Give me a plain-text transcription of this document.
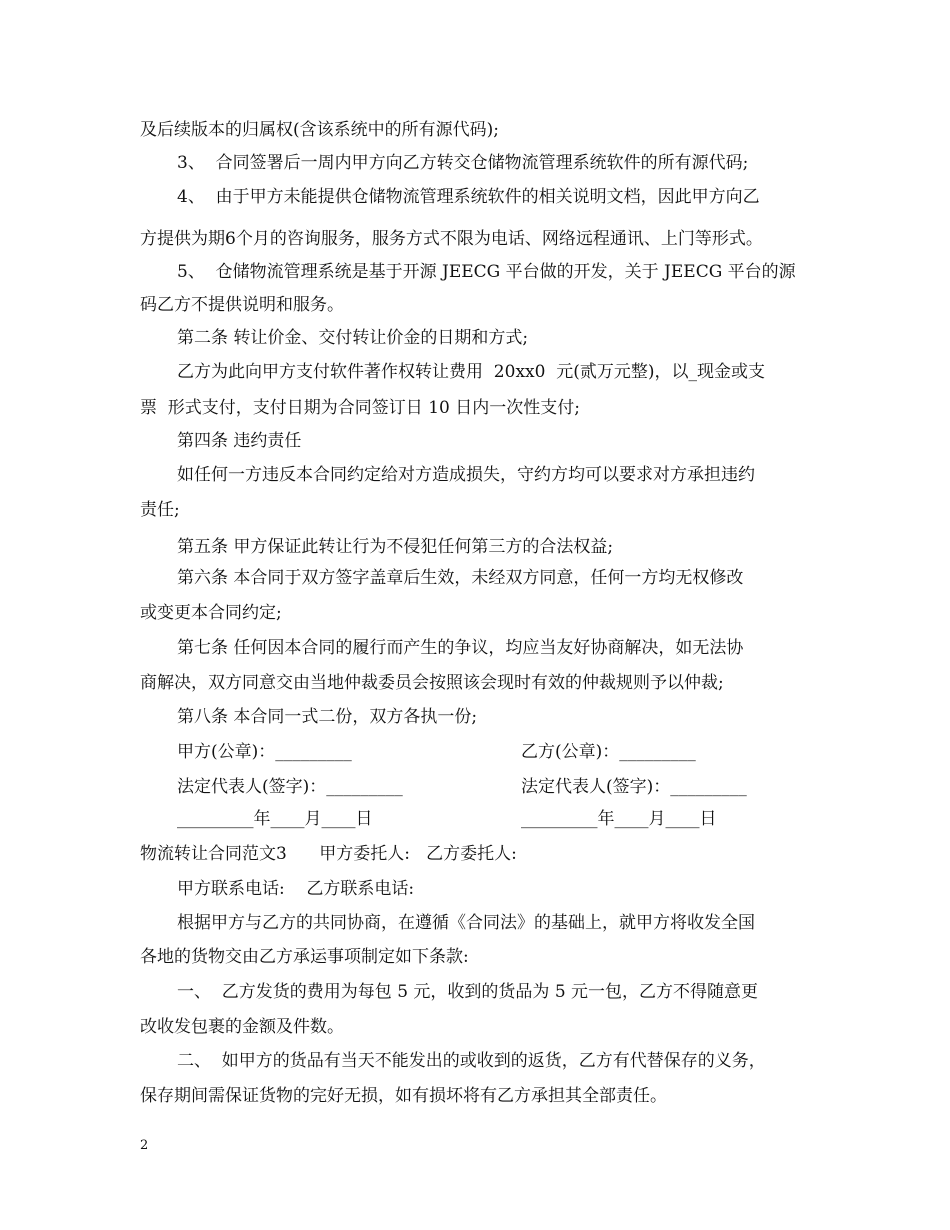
及后续版本的归属权(含该系统中的所有源代码);
3、  合同签署后一周内甲方向乙方转交仓储物流管理系统软件的所有源代码;
4、  由于甲方未能提供仓储物流管理系统软件的相关说明文档，因此甲方向乙
方提供为期6个月的咨询服务，服务方式不限为电话、网络远程通讯、上门等形式。
5、  仓储物流管理系统是基于开源 JEECG 平台做的开发，关于 JEECG 平台的源
码乙方不提供说明和服务。
第二条 转让价金、交付转让价金的日期和方式;
乙方为此向甲方支付软件著作权转让费用  20xx0  元(贰万元整)，以_现金或支
票  形式支付，支付日期为合同签订日 10 日内一次性支付;
第四条 违约责任
如任何一方违反本合同约定给对方造成损失，守约方均可以要求对方承担违约
责任;
第五条 甲方保证此转让行为不侵犯任何第三方的合法权益;
第六条 本合同于双方签字盖章后生效，未经双方同意，任何一方均无权修改
或变更本合同约定;
第七条 任何因本合同的履行而产生的争议，均应当友好协商解决，如无法协
商解决，双方同意交由当地仲裁委员会按照该会现时有效的仲裁规则予以仲裁;
第八条 本合同一式二份，双方各执一份;
甲方(公章)：_________	乙方(公章)：_________
法定代表人(签字)：_________	法定代表人(签字)：_________
_________年____月____日	_________年____月____日
物流转让合同范文3      甲方委托人:   乙方委托人:
甲方联系电话:    乙方联系电话:
根据甲方与乙方的共同协商，在遵循《合同法》的基础上，就甲方将收发全国
各地的货物交由乙方承运事项制定如下条款:
一、  乙方发货的费用为每包 5 元，收到的货品为 5 元一包，乙方不得随意更
改收发包裹的金额及件数。
二、  如甲方的货品有当天不能发出的或收到的返货，乙方有代替保存的义务，
保存期间需保证货物的完好无损，如有损坏将有乙方承担其全部责任。
2
